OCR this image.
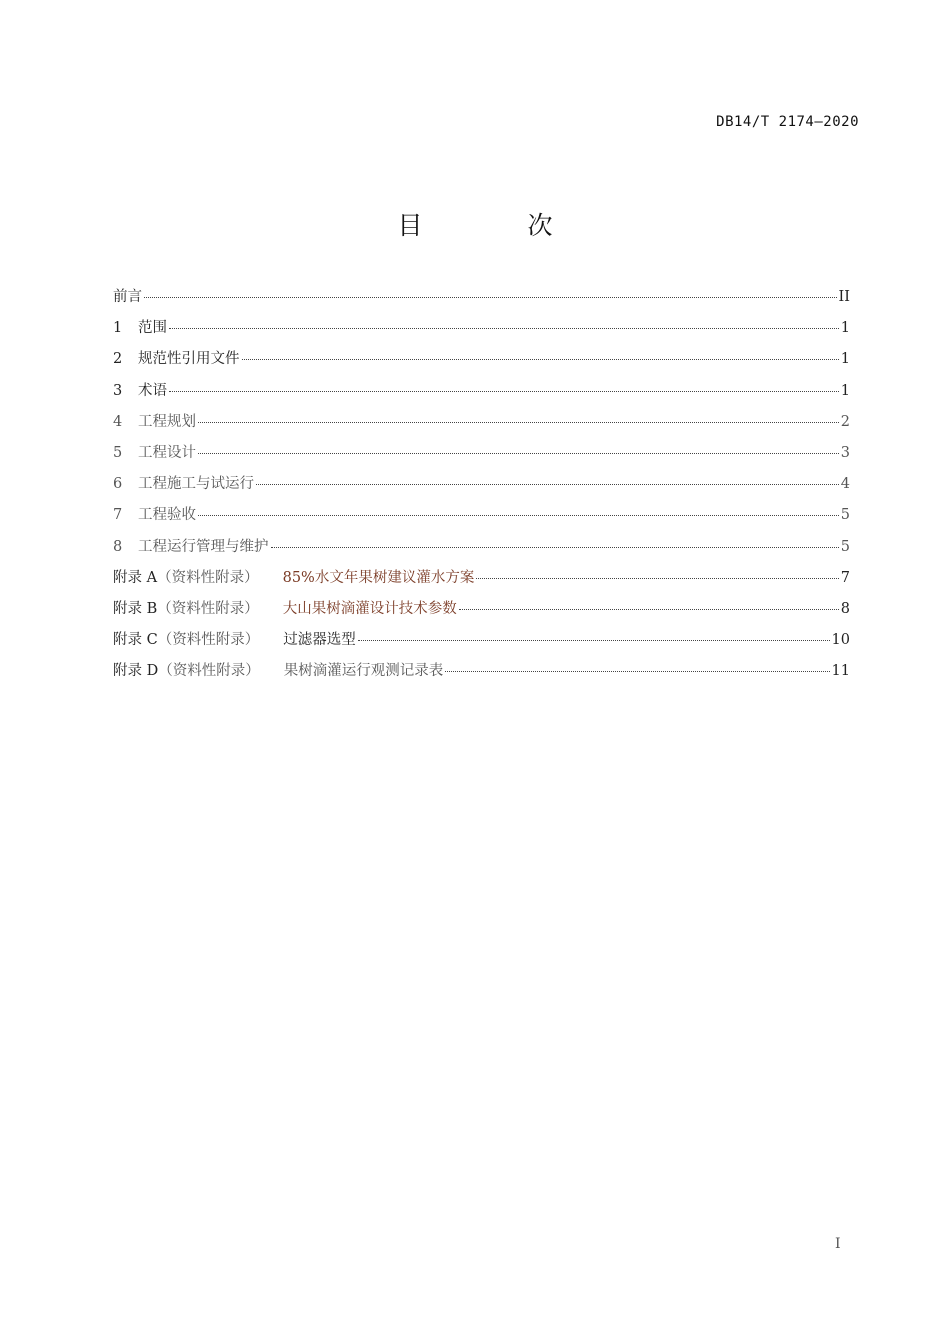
DB14/T 2174—2020
目　次
前言	II
1	范围	1
2	规范性引用文件	1
3	术语	1
4	工程规划	2
5	工程设计	3
6	工程施工与试运行	4
7	工程验收	5
8	工程运行管理与维护	5
附录 A （资料性附录） 85%水文年果树建议灌水方案	7
附录 B （资料性附录） 大山果树滴灌设计技术参数	8
附录 C （资料性附录） 过滤器选型	10
附录 D （资料性附录） 果树滴灌运行观测记录表	11
I
